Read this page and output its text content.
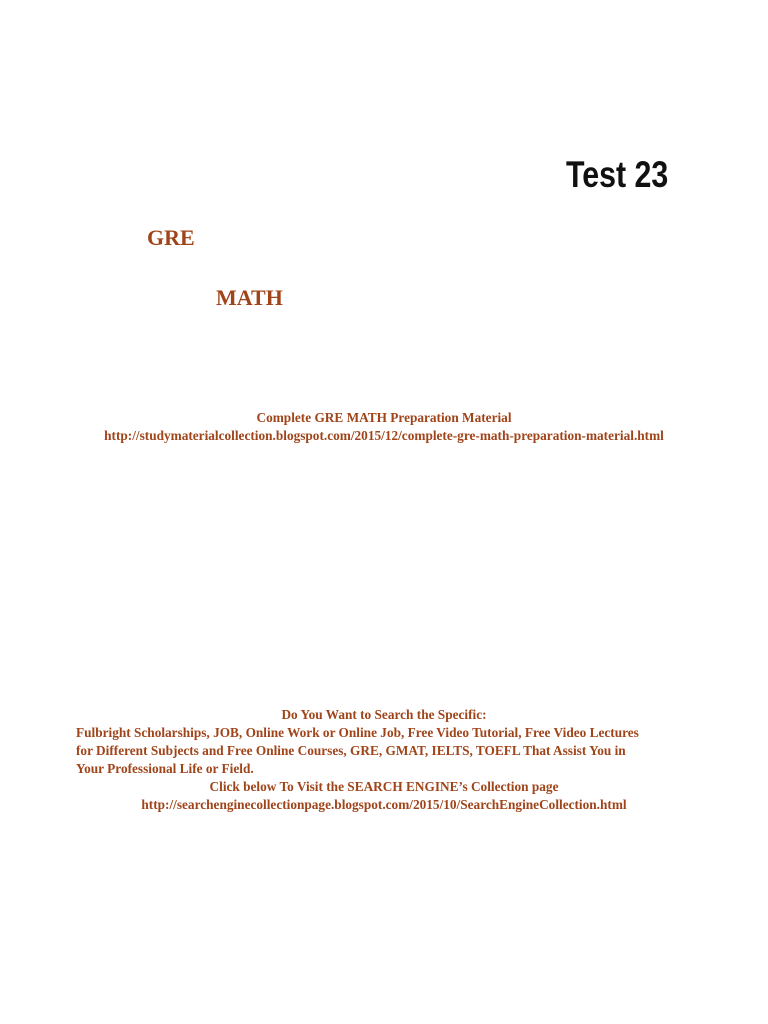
Test 23
GRE
MATH
Complete GRE MATH Preparation Material
http://studymaterialcollection.blogspot.com/2015/12/complete-gre-math-preparation-material.html
Do You Want to Search the Specific:
Fulbright Scholarships, JOB, Online Work or Online Job, Free Video Tutorial, Free Video Lectures
for Different Subjects and Free Online Courses, GRE, GMAT, IELTS, TOEFL That Assist You in
Your Professional Life or Field.
Click below To Visit the SEARCH ENGINE’s Collection page
http://searchenginecollectionpage.blogspot.com/2015/10/SearchEngineCollection.html
